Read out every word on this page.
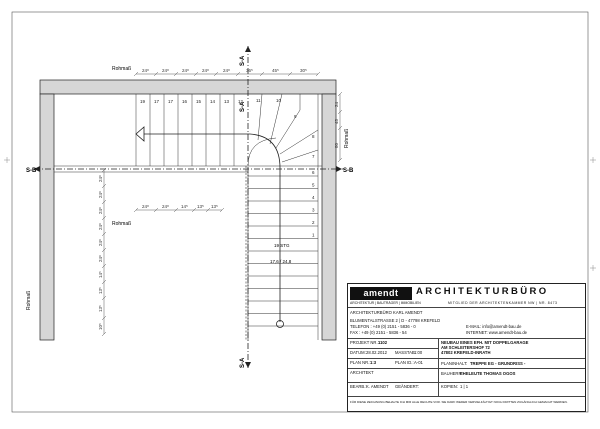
19 17 17 16 15 14 13 12	11	10
9
8
7
6
5
4
3
2
1
24⁸	24⁸	24⁸	24⁸	24⁸	36⁵	45⁵	30⁵
24⁸	24⁸	14⁵ 13⁵ 13⁵
24⁸
24⁸
24⁸
24⁸
24⁸
24⁸
14⁵
13⁵
13⁵
10⁵
24
45
80
Rohmaß
Rohmaß
Rohmaß
Rohmaß
S-A
S-A
S-A
S-B	S-B
19 STG
17,6 / 24,8
amendt	ARCHITEKTURBÜRO
ARCHITEKTUR | BAUTRÄGER | IMMOBILIEN	MITGLIED DER ARCHITEKTENKAMMER NW | NR. 8473
ARCHITEKTURBÜRO KARL AMENDT
BLUMENTALSTRASSE 2 | D - 47798 KREFELD
TELEFON : +49 (0) 2151 - 5836 - 0
FAX : +49 (0) 2151 - 5836 - 54
E-MAIL: info@amendt-bau.de
INTERNET: www.amendt-bau.de
PROJEKT NR.: 1102
DATUM: 28.02.2012 MASSTAB:
1:00
PLAN NR.: 1:3	PLAN ID.: A-01
ARCHITEKT
BEARB.: K. AMENDT GEÄNDERT:
NEUBAU EINES EFH. MIT DOPPELGARAGE
AM SCHLEITERSHOF 72
47802 KREFELD-INRATH
PLANINHALT: TREPPE EG - GRUNDRISS -
BAUHERR:
EHELEUTE THOMAS OGOS
KOPIEN: 1 | 1
FÜR DIESE ZEICHNUNG BEHALTE ICH MIR ALLE RECHTE VOR. SIE DARF WEDER VERVIELFÄLTIGT NOCH DRITTEN ZUGÄNGLICH GEMACHT WERDEN.
